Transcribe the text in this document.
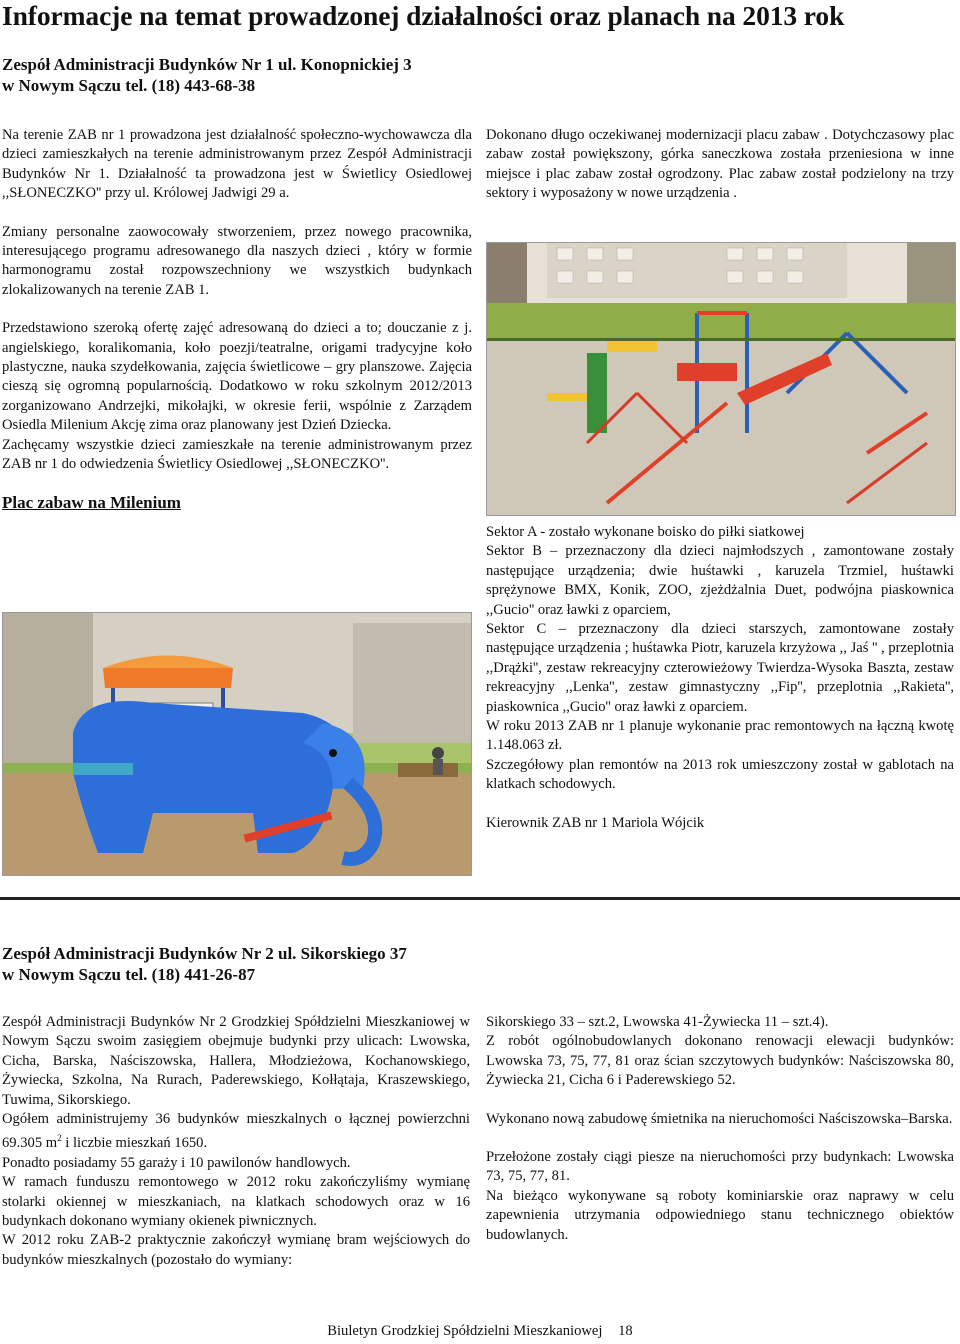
Informacje na temat prowadzonej działalności oraz planach na 2013 rok
Zespół Administracji Budynków Nr 1 ul. Konopnickiej 3
w Nowym Sączu tel. (18) 443-68-38

Na terenie ZAB nr 1 prowadzona jest działalność społeczno-wychowawcza dla dzieci zamieszkałych na terenie administrowanym przez Zespół Administracji Budynków Nr 1. Działalność ta prowadzona jest w Świetlicy Osiedlowej ,,SŁONECZKO'' przy ul. Królowej Jadwigi 29 a.

Zmiany personalne zaowocowały stworzeniem, przez nowego pracownika, interesującego programu adresowanego dla naszych dzieci , który w formie harmonogramu został rozpowszechniony we wszystkich budynkach zlokalizowanych na terenie ZAB 1.

Przedstawiono szeroką ofertę zajęć adresowaną do dzieci a to; douczanie z j. angielskiego, koralikomania, koło poezji/teatralne, origami tradycyjne koło plastyczne, nauka szydełkowania, zajęcia świetlicowe – gry planszowe. Zajęcia cieszą się ogromną popularnością. Dodatkowo w roku szkolnym 2012/2013 zorganizowano Andrzejki, mikołajki, w okresie ferii, wspólnie z Zarządem Osiedla Milenium Akcję zima oraz planowany jest Dzień Dziecka.

Zachęcamy wszystkie dzieci zamieszkałe na terenie administrowanym przez ZAB nr 1 do odwiedzenia Świetlicy Osiedlowej ,,SŁONECZKO''.

Plac zabaw na Milenium

Dokonano długo oczekiwanej modernizacji placu zabaw . Dotychczasowy plac zabaw został powiększony, górka saneczkowa została przeniesiona w inne miejsce i plac zabaw został ogrodzony. Plac zabaw został podzielony na trzy sektory i wyposażony w nowe urządzenia .

Sektor A - zostało wykonane boisko do piłki siatkowej

Sektor B – przeznaczony dla dzieci najmłodszych , zamontowane zostały następujące urządzenia; dwie huśtawki , karuzela Trzmiel, huśtawki sprężynowe BMX, Konik, ZOO, zjeżdżalnia Duet, podwójna piaskownica ,,Gucio'' oraz ławki z oparciem,

Sektor C – przeznaczony dla dzieci starszych, zamontowane zostały następujące urządzenia ; huśtawka Piotr, karuzela krzyżowa ,, Jaś '' , przeplotnia ,,Drążki'', zestaw rekreacyjny czterowieżowy Twierdza-Wysoka Baszta, zestaw rekreacyjny ,,Lenka'', zestaw gimnastyczny ,,Fip'', przeplotnia ,,Rakieta'', piaskownica ,,Gucio'' oraz ławki z oparciem.

W roku 2013 ZAB nr 1 planuje wykonanie prac remontowych na łączną kwotę 1.148.063 zł.

Szczegółowy plan remontów na 2013 rok umieszczony został w gablotach na klatkach schodowych.

Kierownik ZAB nr 1 Mariola Wójcik

Zespół Administracji Budynków Nr 2 ul. Sikorskiego 37
w Nowym Sączu tel. (18) 441-26-87

Zespół Administracji Budynków Nr 2 Grodzkiej Spółdzielni Mieszkaniowej w Nowym Sączu swoim zasięgiem obejmuje budynki przy ulicach: Lwowska, Cicha, Barska, Naściszowska, Hallera, Młodzieżowa, Kochanowskiego, Żywiecka, Szkolna, Na Rurach, Paderewskiego, Kołłątaja, Kraszewskiego, Tuwima, Sikorskiego.

Ogółem administrujemy 36 budynków mieszkalnych o łącznej powierzchni 69.305 $m^2$ i liczbie mieszkań 1650.

Ponadto posiadamy 55 garaży i 10 pawilonów handlowych.

W ramach funduszu remontowego w 2012 roku zakończyliśmy wymianę stolarki okiennej w mieszkaniach, na klatkach schodowych oraz w 16 budynkach dokonano wymiany okienek piwnicznych.

W 2012 roku ZAB-2 praktycznie zakończył wymianę bram wejściowych do budynków mieszkalnych (pozostało do wymiany:

Sikorskiego 33 – szt.2, Lwowska 41-Żywiecka 11 – szt.4).

Z robót ogólnobudowlanych dokonano renowacji elewacji budynków: Lwowska 73, 75, 77, 81 oraz ścian szczytowych budynków: Naściszowska 80, Żywiecka 21, Cicha 6 i Paderewskiego 52.

Wykonano nową zabudowę śmietnika na nieruchomości Naściszowska–Barska.

Przełożone zostały ciągi piesze na nieruchomości przy budynkach: Lwowska 73, 75, 77, 81.

Na bieżąco wykonywane są roboty kominiarskie oraz naprawy w celu zapewnienia utrzymania odpowiedniego stanu technicznego obiektów budowlanych.

Biuletyn Grodzkiej Spółdzielni Mieszkaniowej 18
